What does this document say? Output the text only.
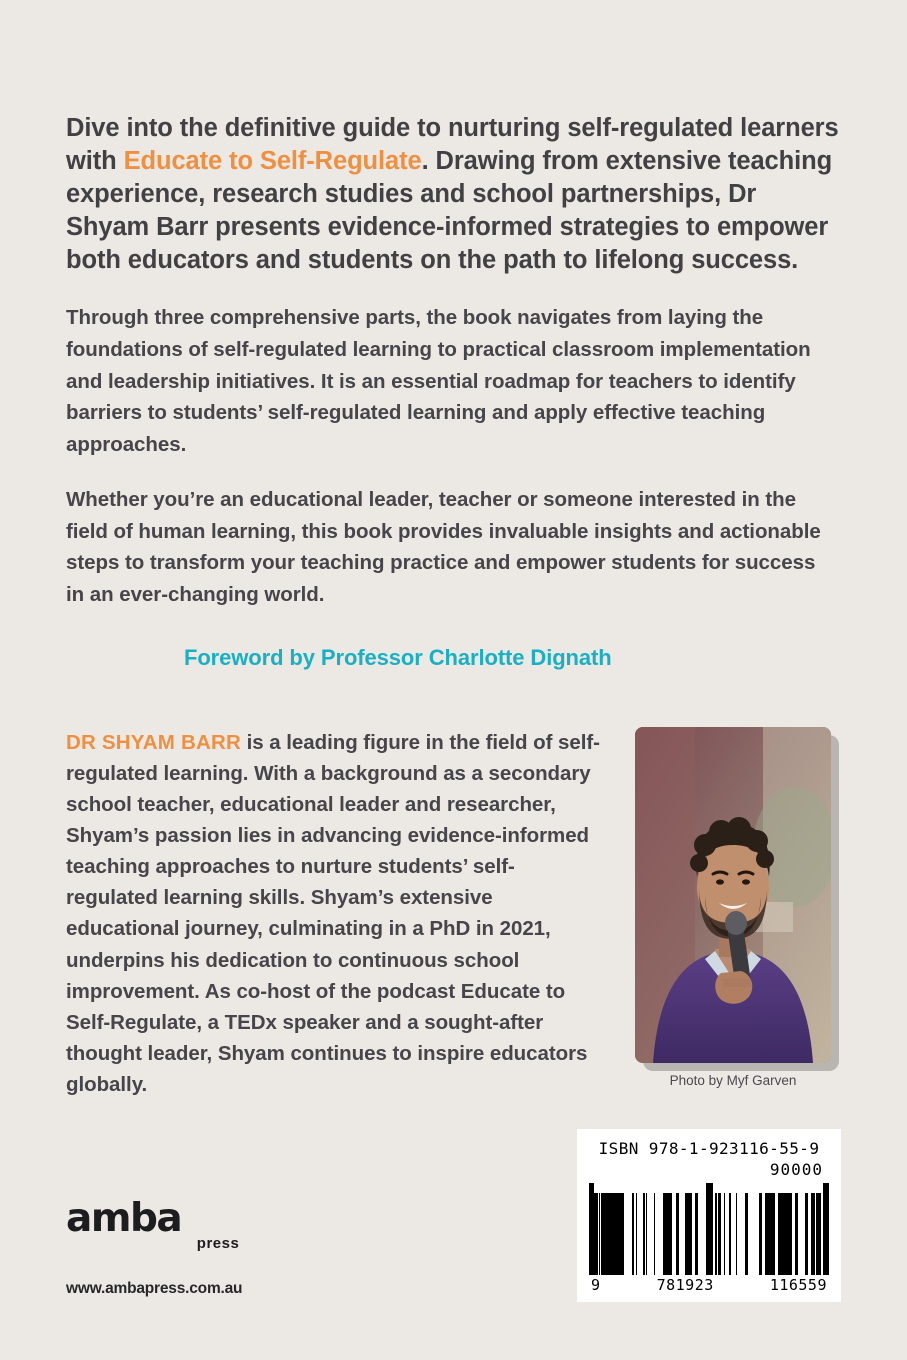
Dive into the definitive guide to nurturing self-regulated learners with Educate to Self-Regulate. Drawing from extensive teaching experience, research studies and school partnerships, Dr Shyam Barr presents evidence-informed strategies to empower both educators and students on the path to lifelong success.

Through three comprehensive parts, the book navigates from laying the foundations of self-regulated learning to practical classroom implementation and leadership initiatives. It is an essential roadmap for teachers to identify barriers to students’ self-regulated learning and apply effective teaching approaches.

Whether you’re an educational leader, teacher or someone interested in the field of human learning, this book provides invaluable insights and actionable steps to transform your teaching practice and empower students for success in an ever-changing world.

Foreword by Professor Charlotte Dignath
DR SHYAM BARR is a leading figure in the field of self-regulated learning. With a background as a secondary school teacher, educational leader and researcher, Shyam’s passion lies in advancing evidence-informed teaching approaches to nurture students’ self-regulated learning skills. Shyam’s extensive educational journey, culminating in a PhD in 2021, underpins his dedication to continuous school improvement. As co-host of the podcast Educate to Self-Regulate, a TEDx speaker and a sought-after thought leader, Shyam continues to inspire educators globally.	Photo by Myf Garven
amba
press
www.ambapress.com.au
ISBN 978-1-923116-55-9
90000
9	781923	116559
